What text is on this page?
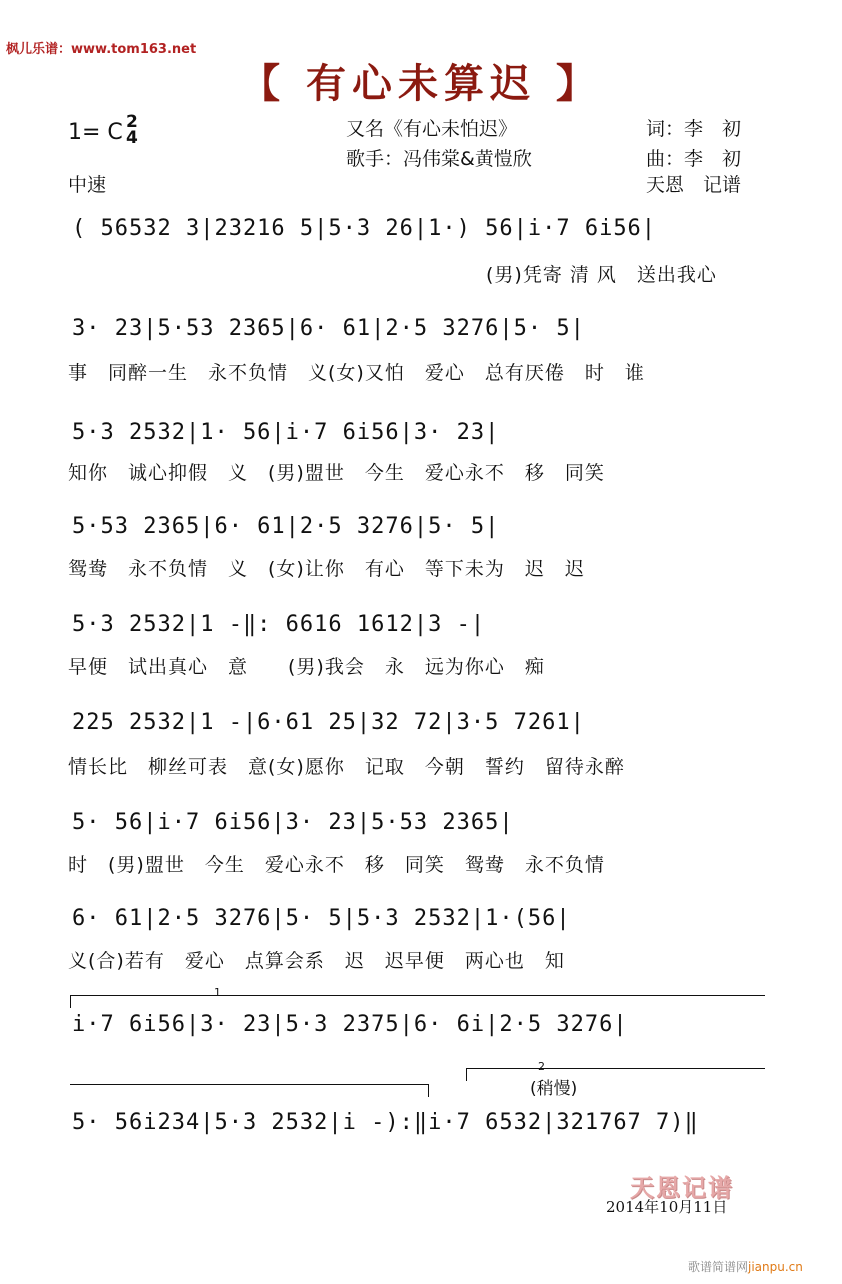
枫儿乐谱：www.tom163.net
【 有心未算迟 】
又名《有心未怕迟》
歌手：冯伟棠&黄愷欣
词：李　初
曲：李　初
天恩　记谱
1= C 2
4
中速
( 56532 3|23216 5|5·3 26|1·) 56|i·7 6i56|
(男)凭寄 清 风　送出我心
3· 23|5·53 2365|6· 61|2·5 3276|5· 5|
事　同醉一生　永不负情　义(女)又怕　爱心　总有厌倦　时　谁
5·3 2532|1· 56|i·7 6i56|3· 23|
知你　诚心抑假　义　(男)盟世　今生　爱心永不　移　同笑
5·53 2365|6· 61|2·5 3276|5· 5|
鸳鸯　永不负情　义　(女)让你　有心　等下未为　迟　迟
5·3 2532|1 -‖: 6616 1612|3 -|
早便　试出真心　意　　(男)我会　永　远为你心　痴
225 2532|1 -|6·61 25|32 72|3·5 7261|
情长比　柳丝可表　意(女)愿你　记取　今朝　誓约　留待永醉
5· 56|i·7 6i56|3· 23|5·53 2365|
时　(男)盟世　今生　爱心永不　移　同笑　鸳鸯　永不负情
6· 61|2·5 3276|5· 5|5·3 2532|1·(56|
义(合)若有　爱心　点算会系　迟　迟早便　两心也　知
1
i·7 6i56|3· 23|5·3 2375|6· 6i|2·5 3276|
2
(稍慢)
5· 56i234|5·3 2532|i -):‖i·7 6532|321767 7)‖
天恩记谱
2014年10月11日
歌谱简谱网jianpu.cn
